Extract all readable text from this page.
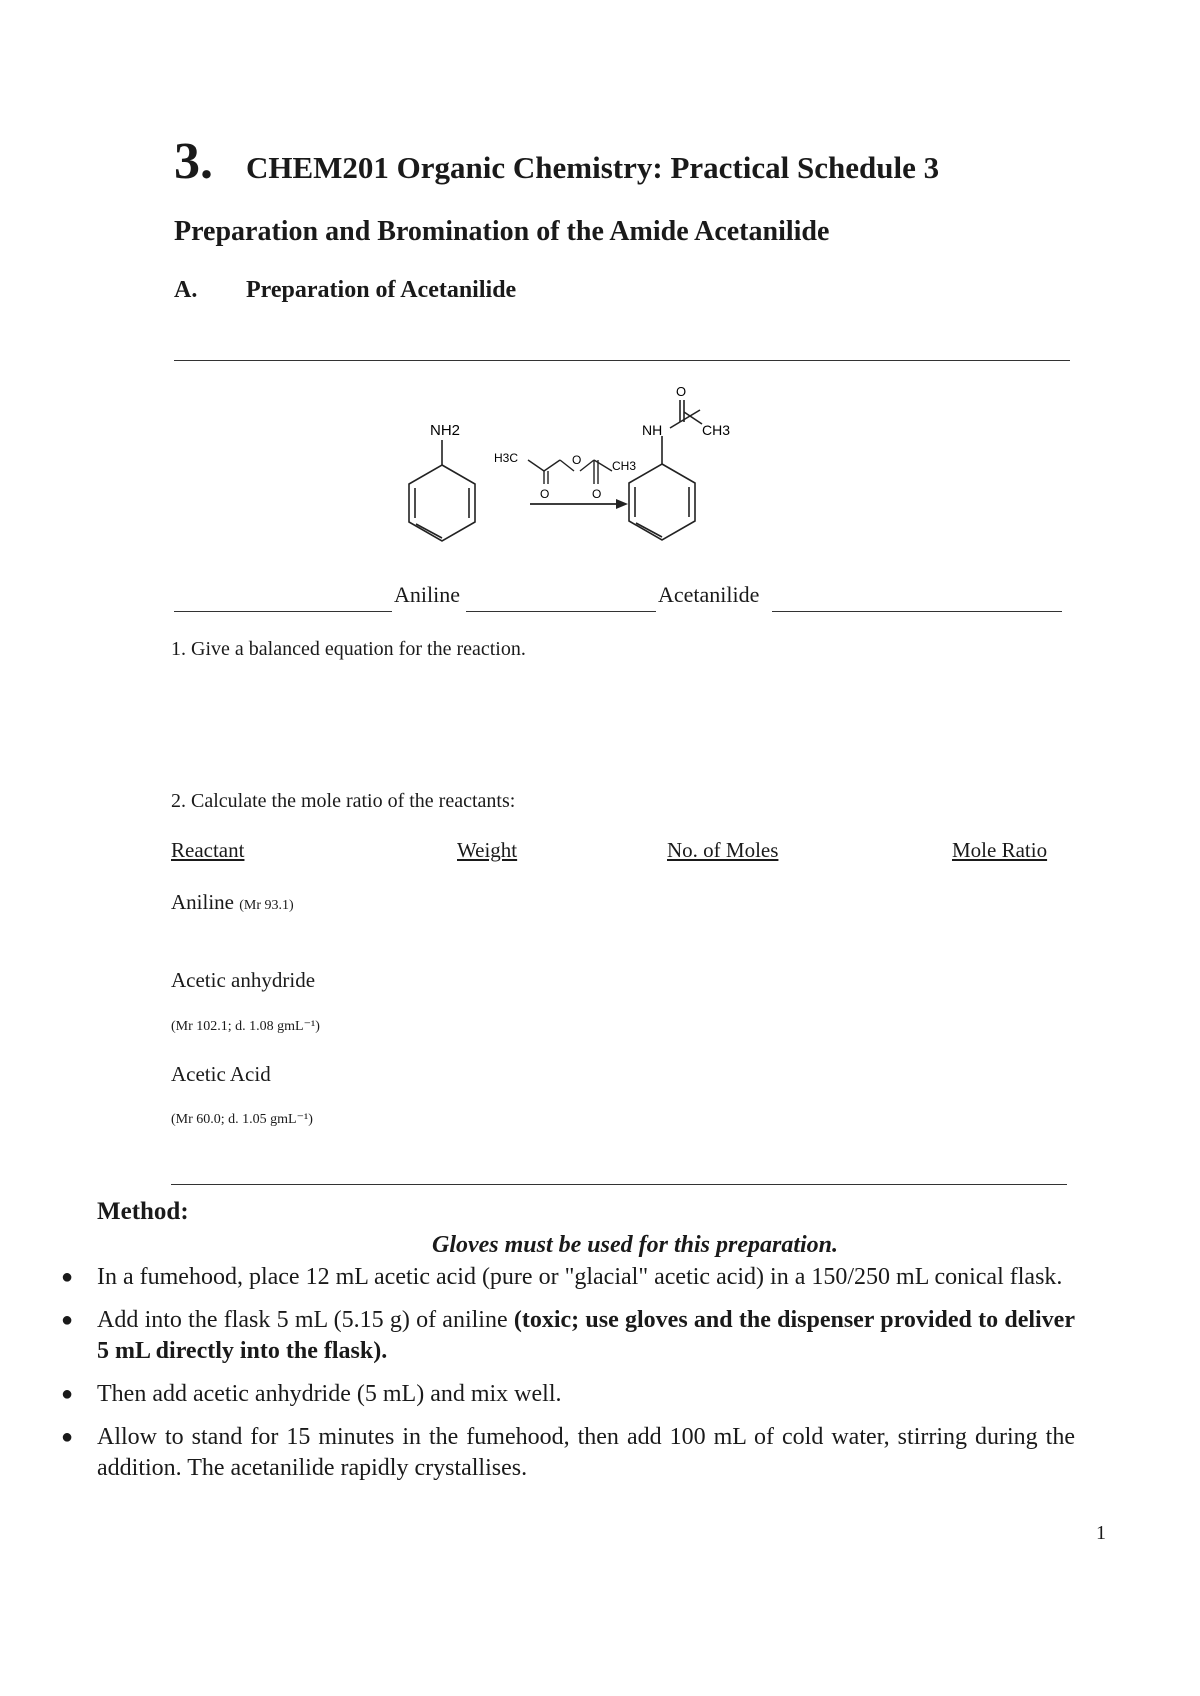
3. CHEM201 Organic Chemistry: Practical Schedule 3
Preparation and Bromination of the Amide Acetanilide
A. Preparation of Acetanilide
NH2
H3C	O	CH3
O	O
O
NH	CH3
Aniline	Acetanilide
1. Give a balanced equation for the reaction.
2. Calculate the mole ratio of the reactants:
Reactant	Weight	No. of Moles	Mole Ratio
Aniline (Mr 93.1)
Acetic anhydride
(Mr 102.1; d. 1.08 gmL⁻¹)
Acetic Acid
(Mr 60.0; d. 1.05 gmL⁻¹)
Method:
Gloves must be used for this preparation.
● In a fumehood, place 12 mL acetic acid (pure or "glacial" acetic acid) in a 150/250 mL conical flask.
● Add into the flask 5 mL (5.15 g) of aniline (toxic; use gloves and the dispenser provided to deliver 5 mL directly into the flask).
● Then add acetic anhydride (5 mL) and mix well.
● Allow to stand for 15 minutes in the fumehood, then add 100 mL of cold water, stirring during the addition. The acetanilide rapidly crystallises.
1
